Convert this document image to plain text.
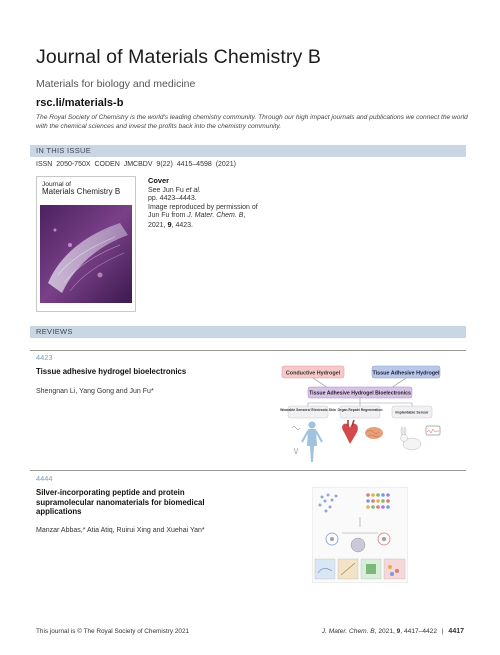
Journal of Materials Chemistry B
Materials for biology and medicine
rsc.li/materials-b
The Royal Society of Chemistry is the world's leading chemistry community. Through our high impact journals and publications we connect the world with the chemical sciences and invest the profits back into the chemistry community.
IN THIS ISSUE
ISSN 2050-750X CODEN JMCBDV 9(22) 4415–4598 (2021)
Journal of
Materials Chemistry B
Cover
See Jun Fu et al.
pp. 4423–4443.
Image reproduced by permission of Jun Fu from J. Mater. Chem. B, 2021, 9, 4423.
REVIEWS
4423
Tissue adhesive hydrogel bioelectronics
Shengnan Li, Yang Gong and Jun Fu*
Conductive Hydrogel	Tissue Adhesive Hydrogel
Tissue Adhesive Hydrogel Bioelectronics
Wearable Sensors/ Electronic Skin Organ Repair/ Regeneration
Implantable Sensor
4444
Silver-incorporating peptide and protein supramolecular nanomaterials for biomedical applications
Manzar Abbas,* Atia Atiq, Ruirui Xing and Xuehai Yan*
This journal is © The Royal Society of Chemistry 2021	J. Mater. Chem. B, 2021, 9, 4417–4422 | 4417
